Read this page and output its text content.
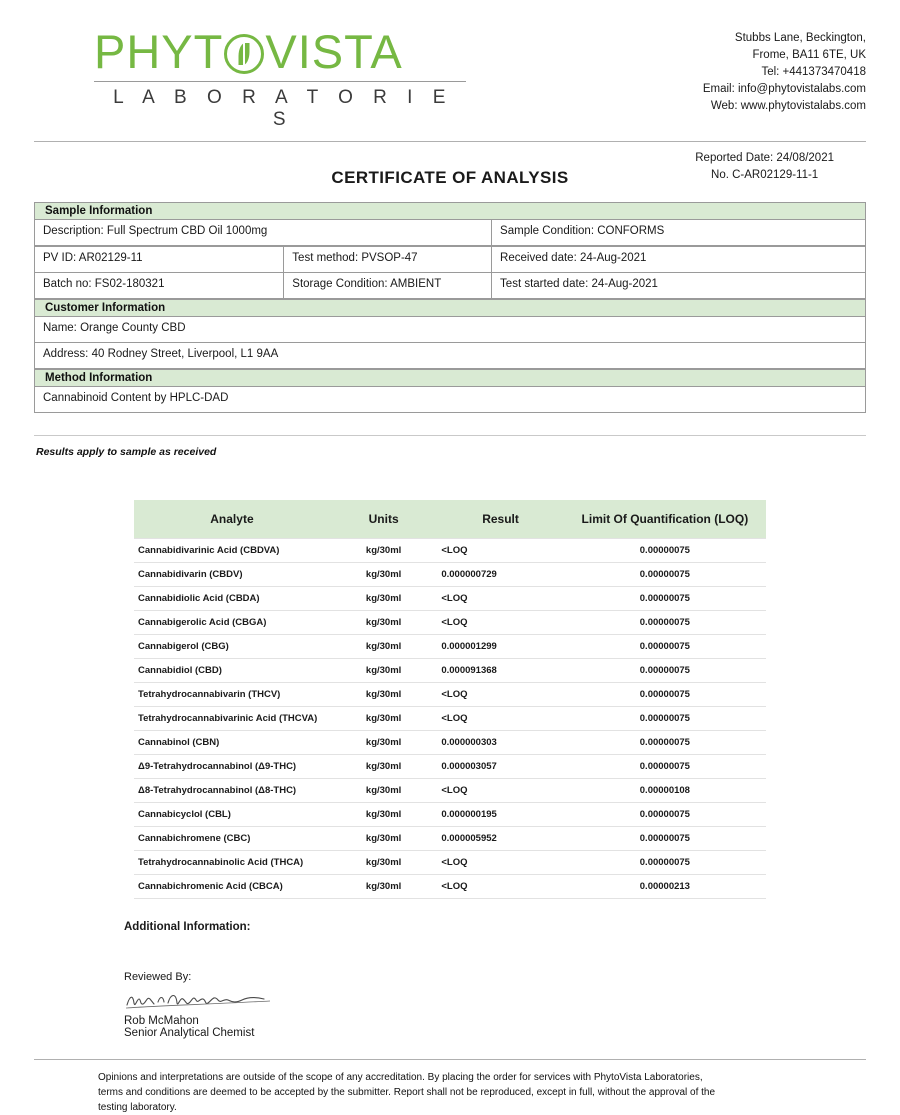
PHYT VISTA
L A B O R A T O R I E S
Stubbs Lane, Beckington,
Frome, BA11 6TE, UK
Tel: +441373470418
Email: info@phytovistalabs.com
Web: www.phytovistalabs.com
CERTIFICATE OF ANALYSIS
Reported Date: 24/08/2021
No. C-AR02129-11-1
Sample Information
Description: Full Spectrum CBD Oil 1000mg	Sample Condition: CONFORMS
PV ID: AR02129-11	Test method: PVSOP-47	Received date: 24-Aug-2021
Batch no: FS02-180321	Storage Condition: AMBIENT	Test started date: 24-Aug-2021
Customer Information
Name: Orange County CBD
Address: 40 Rodney Street, Liverpool, L1 9AA
Method Information
Cannabinoid Content by HPLC-DAD
Results apply to sample as received
Analyte	Units	Result	Limit Of Quantification (LOQ)
Cannabidivarinic Acid (CBDVA)	kg/30ml	<LOQ	0.00000075
Cannabidivarin (CBDV)	kg/30ml	0.000000729	0.00000075
Cannabidiolic Acid (CBDA)	kg/30ml	<LOQ	0.00000075
Cannabigerolic Acid (CBGA)	kg/30ml	<LOQ	0.00000075
Cannabigerol (CBG)	kg/30ml	0.000001299	0.00000075
Cannabidiol (CBD)	kg/30ml	0.000091368	0.00000075
Tetrahydrocannabivarin (THCV)	kg/30ml	<LOQ	0.00000075
Tetrahydrocannabivarinic Acid (THCVA)	kg/30ml	<LOQ	0.00000075
Cannabinol (CBN)	kg/30ml	0.000000303	0.00000075
Δ9-Tetrahydrocannabinol (Δ9-THC)	kg/30ml	0.000003057	0.00000075
Δ8-Tetrahydrocannabinol (Δ8-THC)	kg/30ml	<LOQ	0.00000108
Cannabicyclol (CBL)	kg/30ml	0.000000195	0.00000075
Cannabichromene (CBC)	kg/30ml	0.000005952	0.00000075
Tetrahydrocannabinolic Acid (THCA)	kg/30ml	<LOQ	0.00000075
Cannabichromenic Acid (CBCA)	kg/30ml	<LOQ	0.00000213
Additional Information:
Reviewed By:
Rob McMahon
Senior Analytical Chemist
Opinions and interpretations are outside of the scope of any accreditation. By placing the order for services with PhytoVista Laboratories, terms and conditions are deemed to be accepted by the submitter. Report shall not be reproduced, except in full, without the approval of the testing laboratory.
